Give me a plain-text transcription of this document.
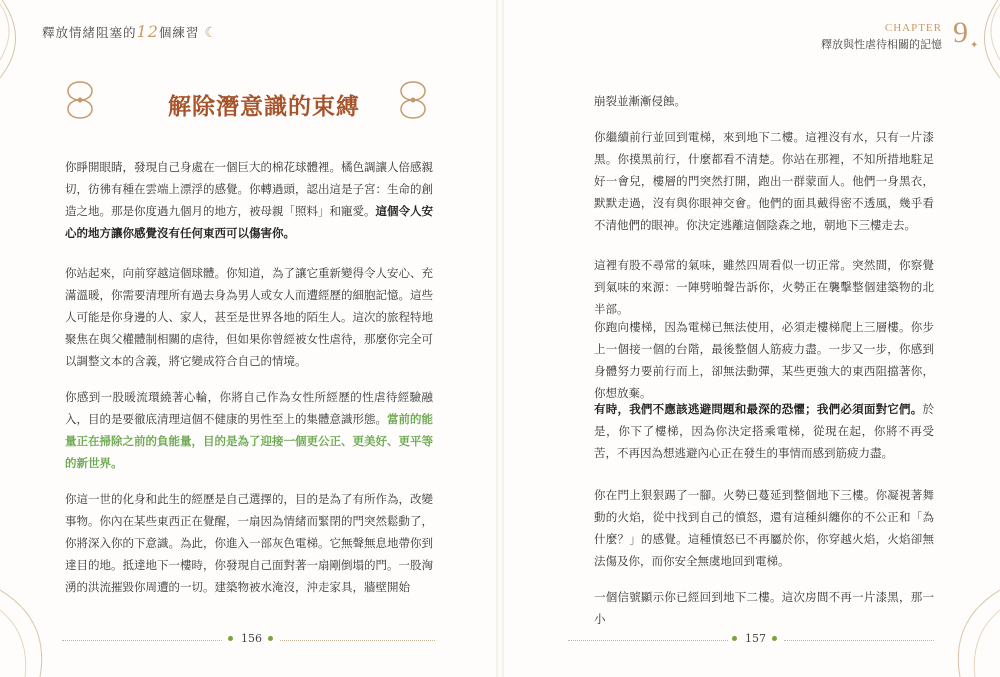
釋放情緒阻塞的12個練習 ☾
解除潛意識的束縛
你睜開眼睛，發現自己身處在一個巨大的棉花球體裡。橘色調讓人倍感親切，彷彿有種在雲端上漂浮的感覺。你轉過頭，認出這是子宮：生命的創造之地。那是你度過九個月的地方，被母親「照料」和寵愛。這個令人安心的地方讓你感覺沒有任何東西可以傷害你。
你站起來，向前穿越這個球體。你知道，為了讓它重新變得令人安心、充滿溫暖，你需要清理所有過去身為男人或女人而遭經歷的細胞記憶。這些人可能是你身邊的人、家人，甚至是世界各地的陌生人。這次的旅程特地聚焦在與父權體制相關的虐待，但如果你曾經被女性虐待，那麼你完全可以調整文本的含義，將它變成符合自己的情境。
你感到一股暖流環繞著心輪，你將自己作為女性所經歷的性虐待經驗融入，目的是要徹底清理這個不健康的男性至上的集體意識形態。當前的能量正在掃除之前的負能量，目的是為了迎接一個更公正、更美好、更平等的新世界。
你這一世的化身和此生的經歷是自己選擇的，目的是為了有所作為，改變事物。你內在某些東西正在覺醒，一扇因為情緒而緊閉的門突然鬆動了，你將深入你的下意識。為此，你進入一部灰色電梯。它無聲無息地帶你到達目的地。抵達地下一樓時，你發現自己面對著一扇剛倒塌的門。一股洶湧的洪流摧毀你周遭的一切。建築物被水淹沒，沖走家具，牆壁開始
156
CHAPTER
釋放與性虐待相關的記憶 9 ✦
崩裂並漸漸侵蝕。
你繼續前行並回到電梯，來到地下二樓。這裡沒有水，只有一片漆黑。你摸黑前行，什麼都看不清楚。你站在那裡，不知所措地駐足好一會兒，樓層的門突然打開，跑出一群蒙面人。他們一身黑衣，默默走過，沒有與你眼神交會。他們的面具戴得密不透風，幾乎看不清他們的眼神。你決定逃離這個陰森之地，朝地下三樓走去。
這裡有股不尋常的氣味，雖然四周看似一切正常。突然間，你察覺到氣味的來源：一陣劈啪聲告訴你，火勢正在襲擊整個建築物的北半部。
你跑向樓梯，因為電梯已無法使用，必須走樓梯爬上三層樓。你步上一個接一個的台階，最後整個人筋疲力盡。一步又一步，你感到身體努力要前行而上，卻無法動彈，某些更強大的東西阻擋著你，你想放棄。
有時，我們不應該逃避問題和最深的恐懼；我們必須面對它們。於是，你下了樓梯，因為你決定搭乘電梯，從現在起，你將不再受苦，不再因為想逃避內心正在發生的事情而感到筋疲力盡。
你在門上狠狠踢了一腳。火勢已蔓延到整個地下三樓。你凝視著舞動的火焰，從中找到自己的憤怒，還有這種糾纏你的不公正和「為什麼？」的感覺。這種憤怒已不再屬於你，你穿越火焰，火焰卻無法傷及你，而你安全無虞地回到電梯。
一個信號顯示你已經回到地下二樓。這次房間不再一片漆黑，那一小
157
